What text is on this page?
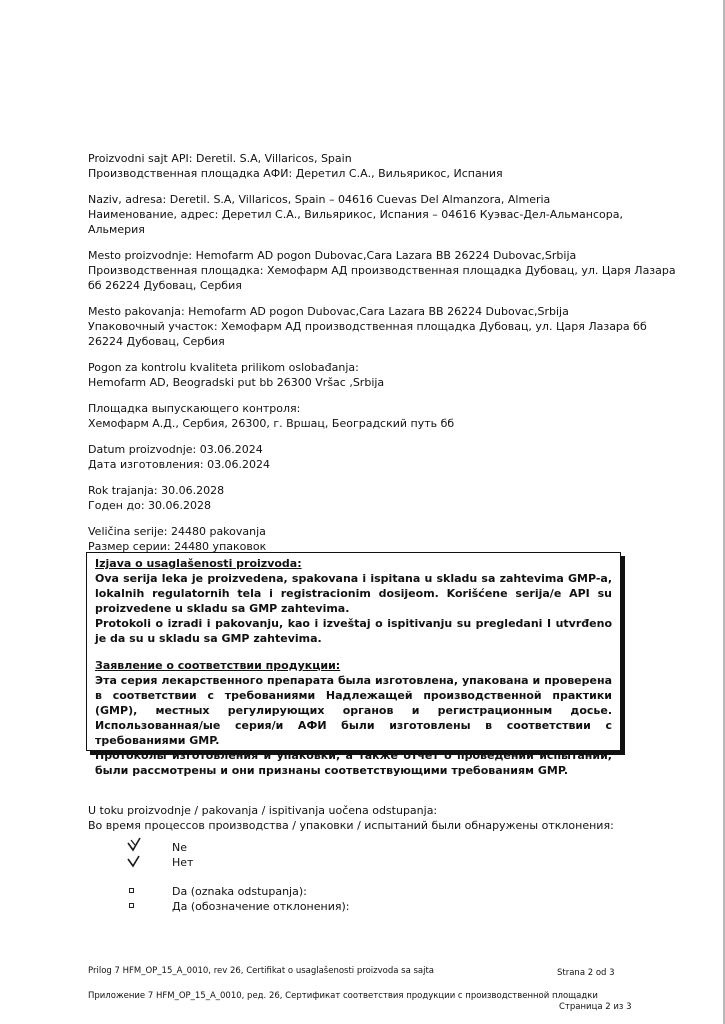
Proizvodni sajt API: Deretil. S.A, Villaricos, Spain
Производственная площадка АФИ: Деретил С.А., Вильярикос, Испания
Naziv, adresa: Deretil. S.A, Villaricos, Spain – 04616 Cuevas Del Almanzora, Almeria
Наименование, адрес: Деретил С.А., Вильярикос, Испания – 04616 Куэвас-Дел-Альмансора,
Альмерия
Mesto proizvodnje: Hemofarm AD pogon Dubovac,Cara Lazara BB 26224 Dubovac,Srbija
Производственная площадка: Хемофарм АД производственная площадка Дубовац, ул. Царя Лазара
бб 26224 Дубовац, Сербия
Mesto pakovanja: Hemofarm AD pogon Dubovac,Cara Lazara BB 26224 Dubovac,Srbija
Упаковочный участок: Хемофарм АД производственная площадка Дубовац, ул. Царя Лазара бб
26224 Дубовац, Сербия
Pogon za kontrolu kvaliteta prilikom oslobađanja:
Hemofarm AD, Beogradski put bb 26300 Vršac ,Srbija
Площадка выпускающего контроля:
Хемофарм А.Д., Сербия, 26300, г. Вршац, Београдский путь бб
Datum proizvodnje: 03.06.2024
Дата изготовления: 03.06.2024
Rok trajanja: 30.06.2028
Годен до: 30.06.2028
Veličina serije: 24480 pakovanja
Размер серии: 24480 упаковок
Izjava o usaglašenosti proizvoda:
Ova serija leka je proizvedena, spakovana i ispitana u skladu sa zahtevima GMP-a, lokalnih regulatornih tela i registracionim dosijeom. Korišćene serija/e API su proizvedene u skladu sa GMP zahtevima.
Protokoli o izradi i pakovanju, kao i izveštaj o ispitivanju su pregledani I utvrđeno je da su u skladu sa GMP zahtevima.
Заявление о соответствии продукции:
Эта серия лекарственного препарата была изготовлена, упакована и проверена в соответствии с требованиями Надлежащей производственной практики (GMP), местных регулирующих органов и регистрационным досье. Использованная/ые серия/и АФИ были изготовлены в соответствии с требованиями GMP.
Протоколы изготовления и упаковки, а также отчет о проведении испытаний, были рассмотрены и они признаны соответствующими требованиям GMP.
U toku proizvodnje / pakovanja / ispitivanja uočena odstupanja:
Во время процессов производства / упаковки / испытаний были обнаружены отклонения:
Ne
Нет
Da (oznaka odstupanja):
Да (обозначение отклонения):
Prilog 7 HFM_OP_15_A_0010, rev 26, Certifikat o usaglašenosti proizvoda sa sajta	Strana 2 od 3
Приложение 7 HFM_OP_15_A_0010, ред. 26, Сертификат соответствия продукции с производственной площадки
Страница 2 из 3
